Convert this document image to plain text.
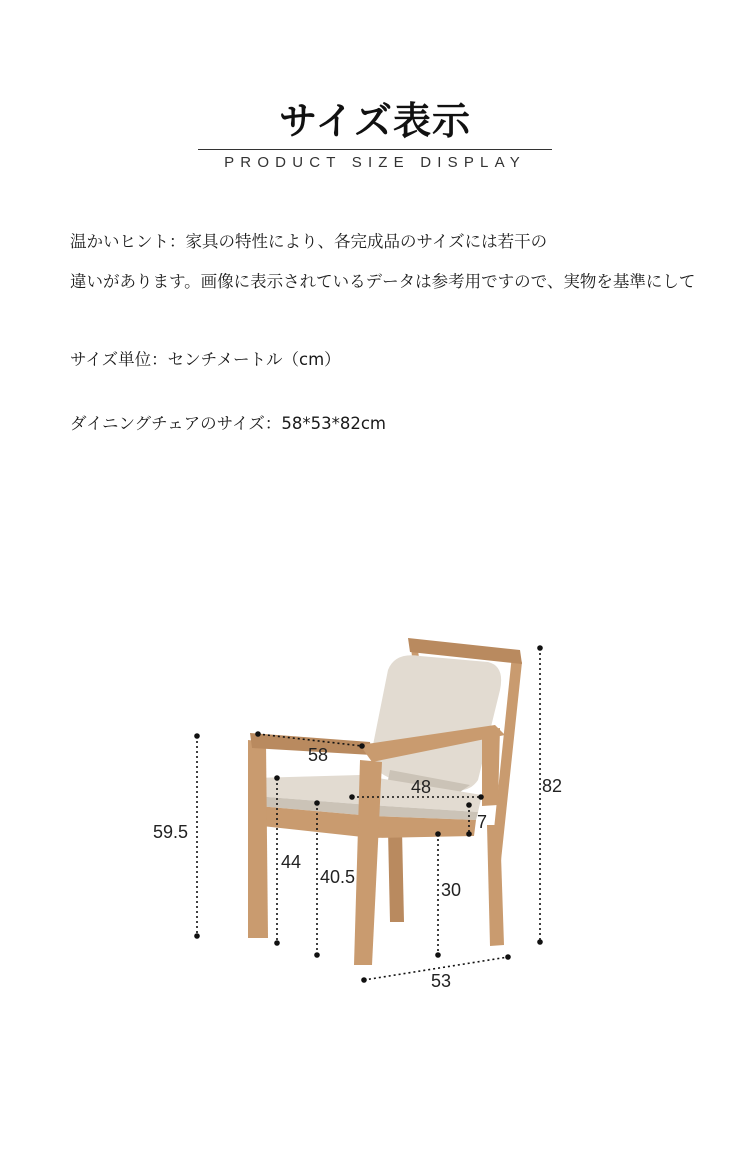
サイズ表示
PRODUCT SIZE DISPLAY
温かいヒント：家具の特性により、各完成品のサイズには若干の
違いがあります。画像に表示されているデータは参考用ですので、実物を基準にして
サイズ単位：センチメートル（cm）
ダイニングチェアのサイズ：58*53*82cm
58
48
7
59.5
44
40.5
30
53
82
